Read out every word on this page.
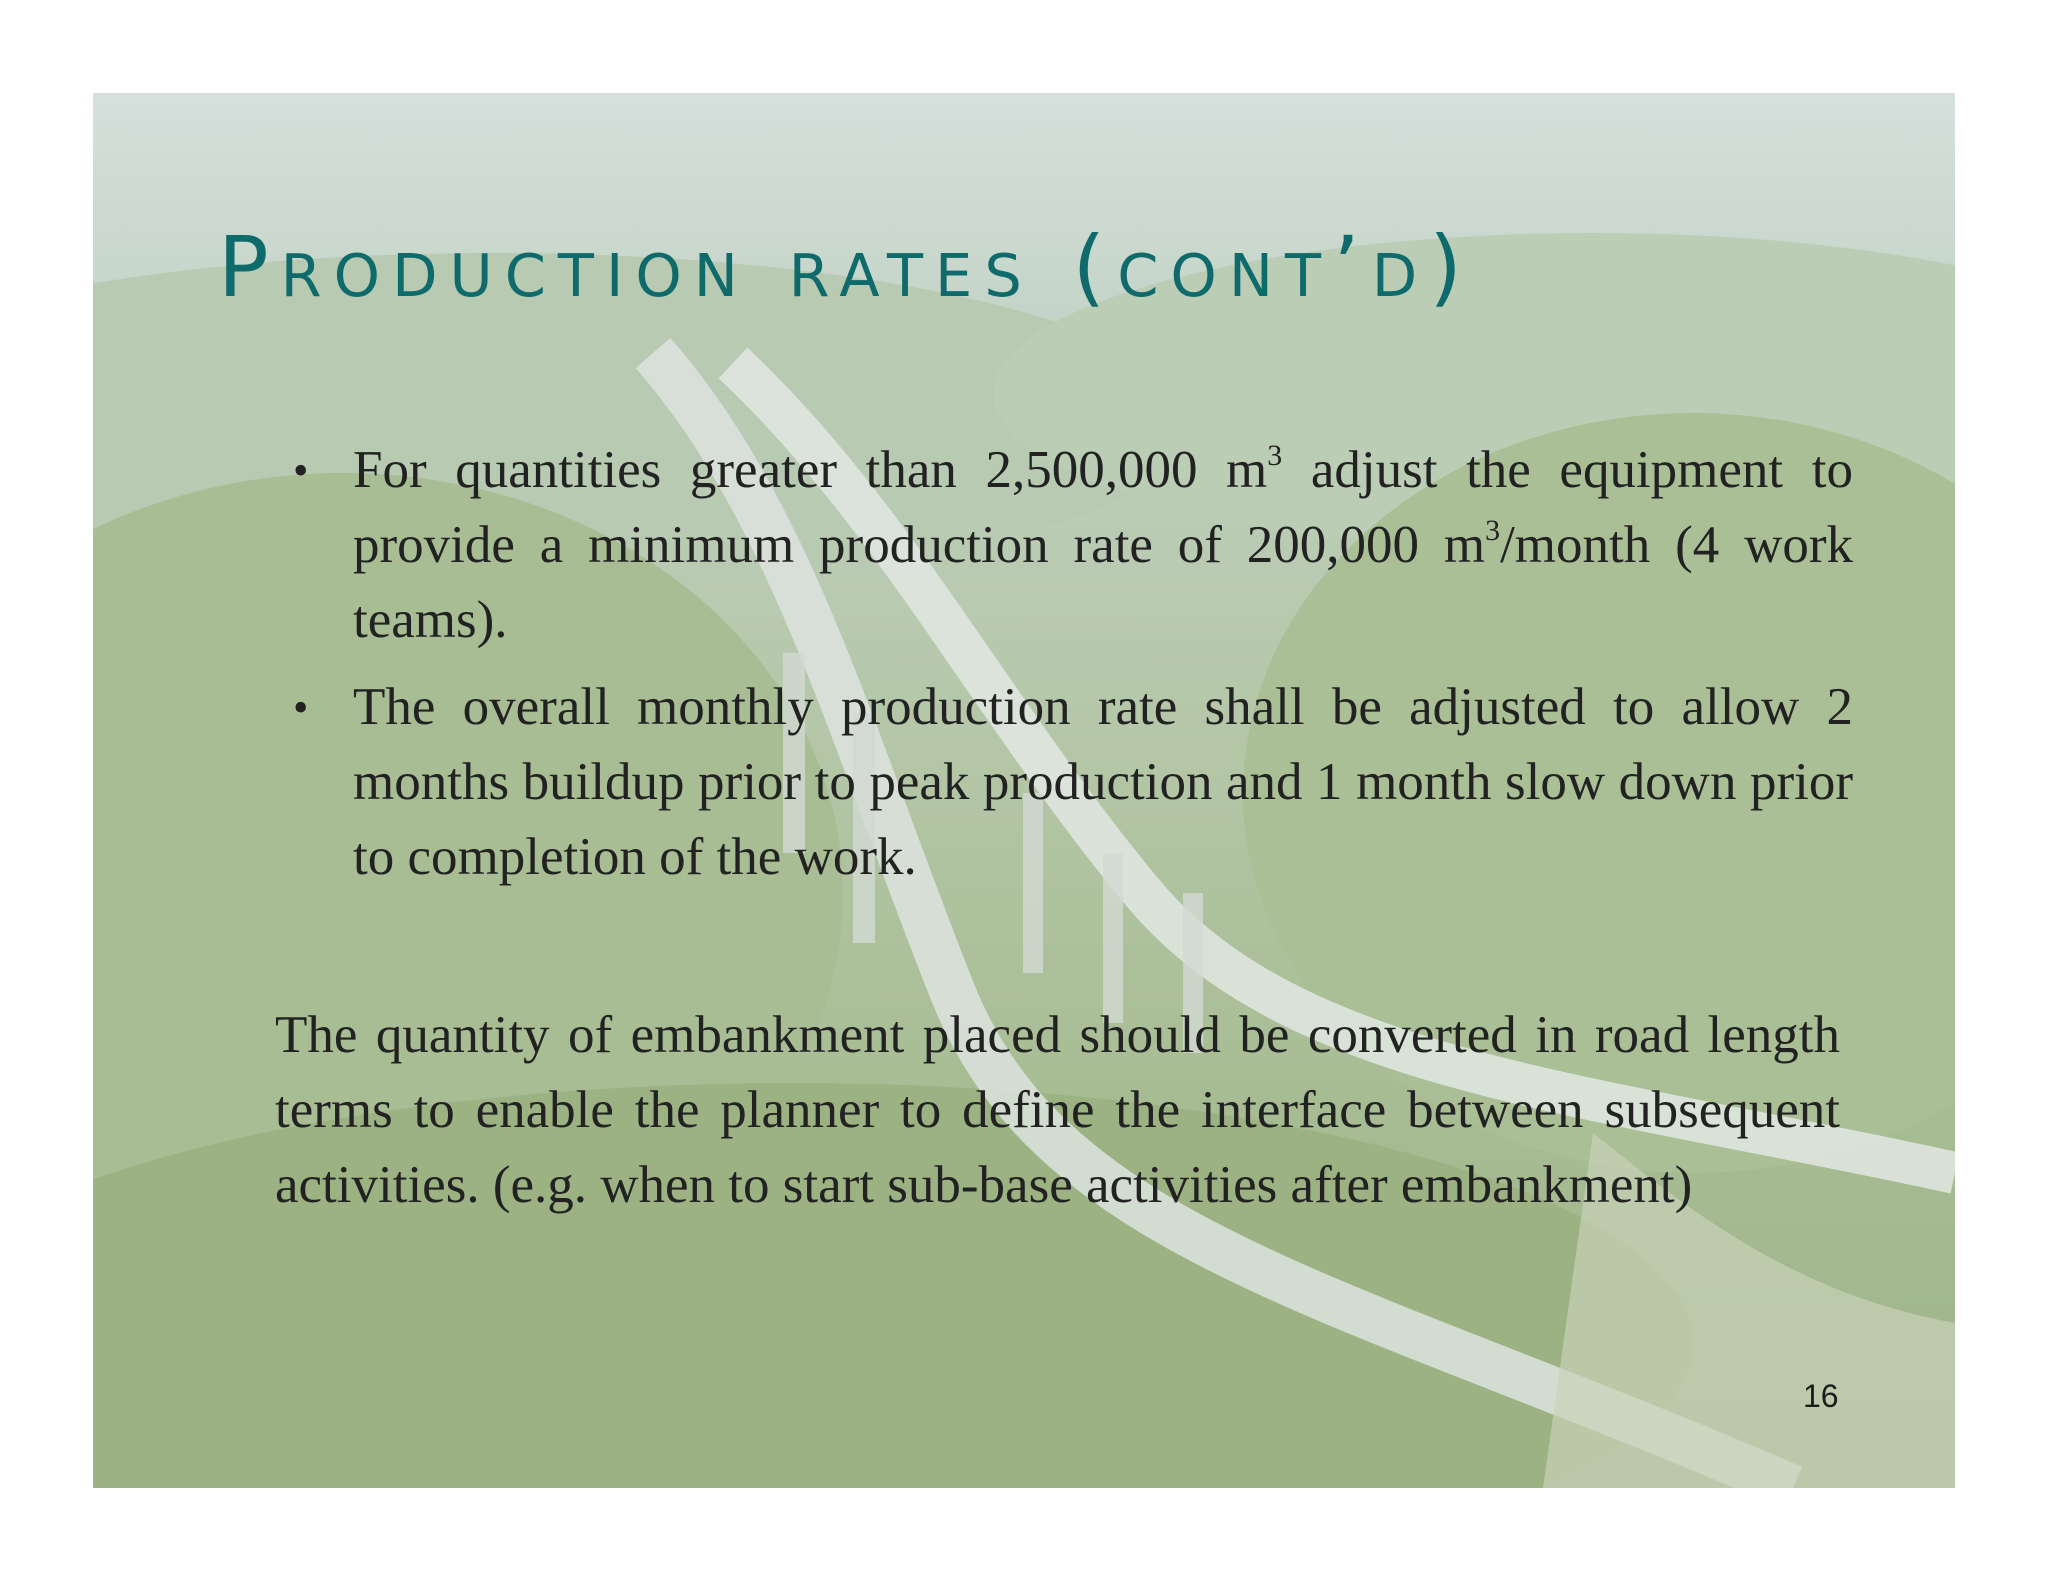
Production rates (cont’d)
• For quantities greater than 2,500,000 $m^3$ adjust the equipment to provide a minimum production rate of 200,000 $m^3$/month (4 work teams).
• The overall monthly production rate shall be adjusted to allow 2 months buildup prior to peak production and 1 month slow down prior to completion of the work.

The quantity of embankment placed should be converted in road length terms to enable the planner to define the interface between subsequent activities. (e.g. when to start sub-base activities after embankment)

16
